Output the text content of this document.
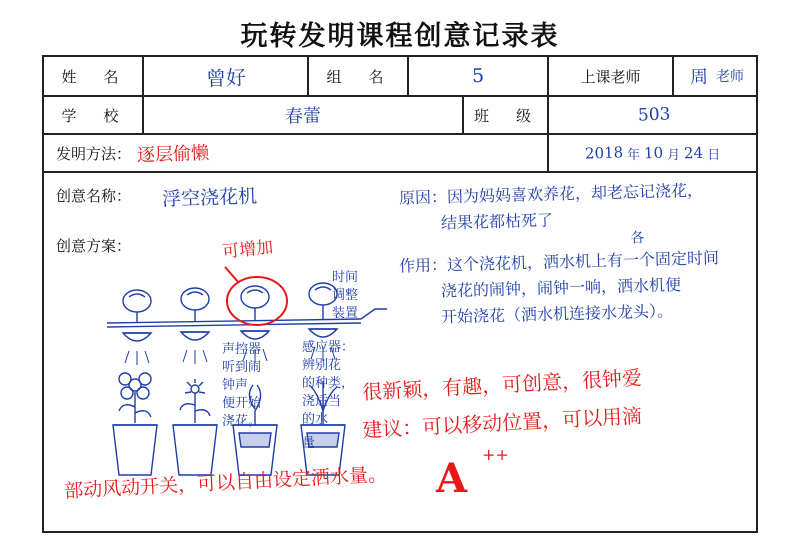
玩转发明课程创意记录表
姓　名	曾好	组　名	5	上课老师	周 老师
学　校	春蕾	班　级	503
发明方法： 逐层偷懒	2018 年 10 月 24 日
创意名称： 浮空浇花机
创意方案：
时间
调整
装置
感应器：
辨别花
的种类，
浇适当
的水
量
声控器
听到闹
钟声
便开始
浇花。
可增加
原因：因为妈妈喜欢养花，却老忘记浇花，
结果花都枯死了
各
作用：这个浇花机，洒水机上有一个固定时间
浇花的闹钟，闹钟一响，洒水机便
开始浇花（洒水机连接水龙头）。
很新颖，有趣，可创意，很钟爱
建议：可以移动位置，可以用滴
部动风动开关，可以自由设定洒水量。 A
++
